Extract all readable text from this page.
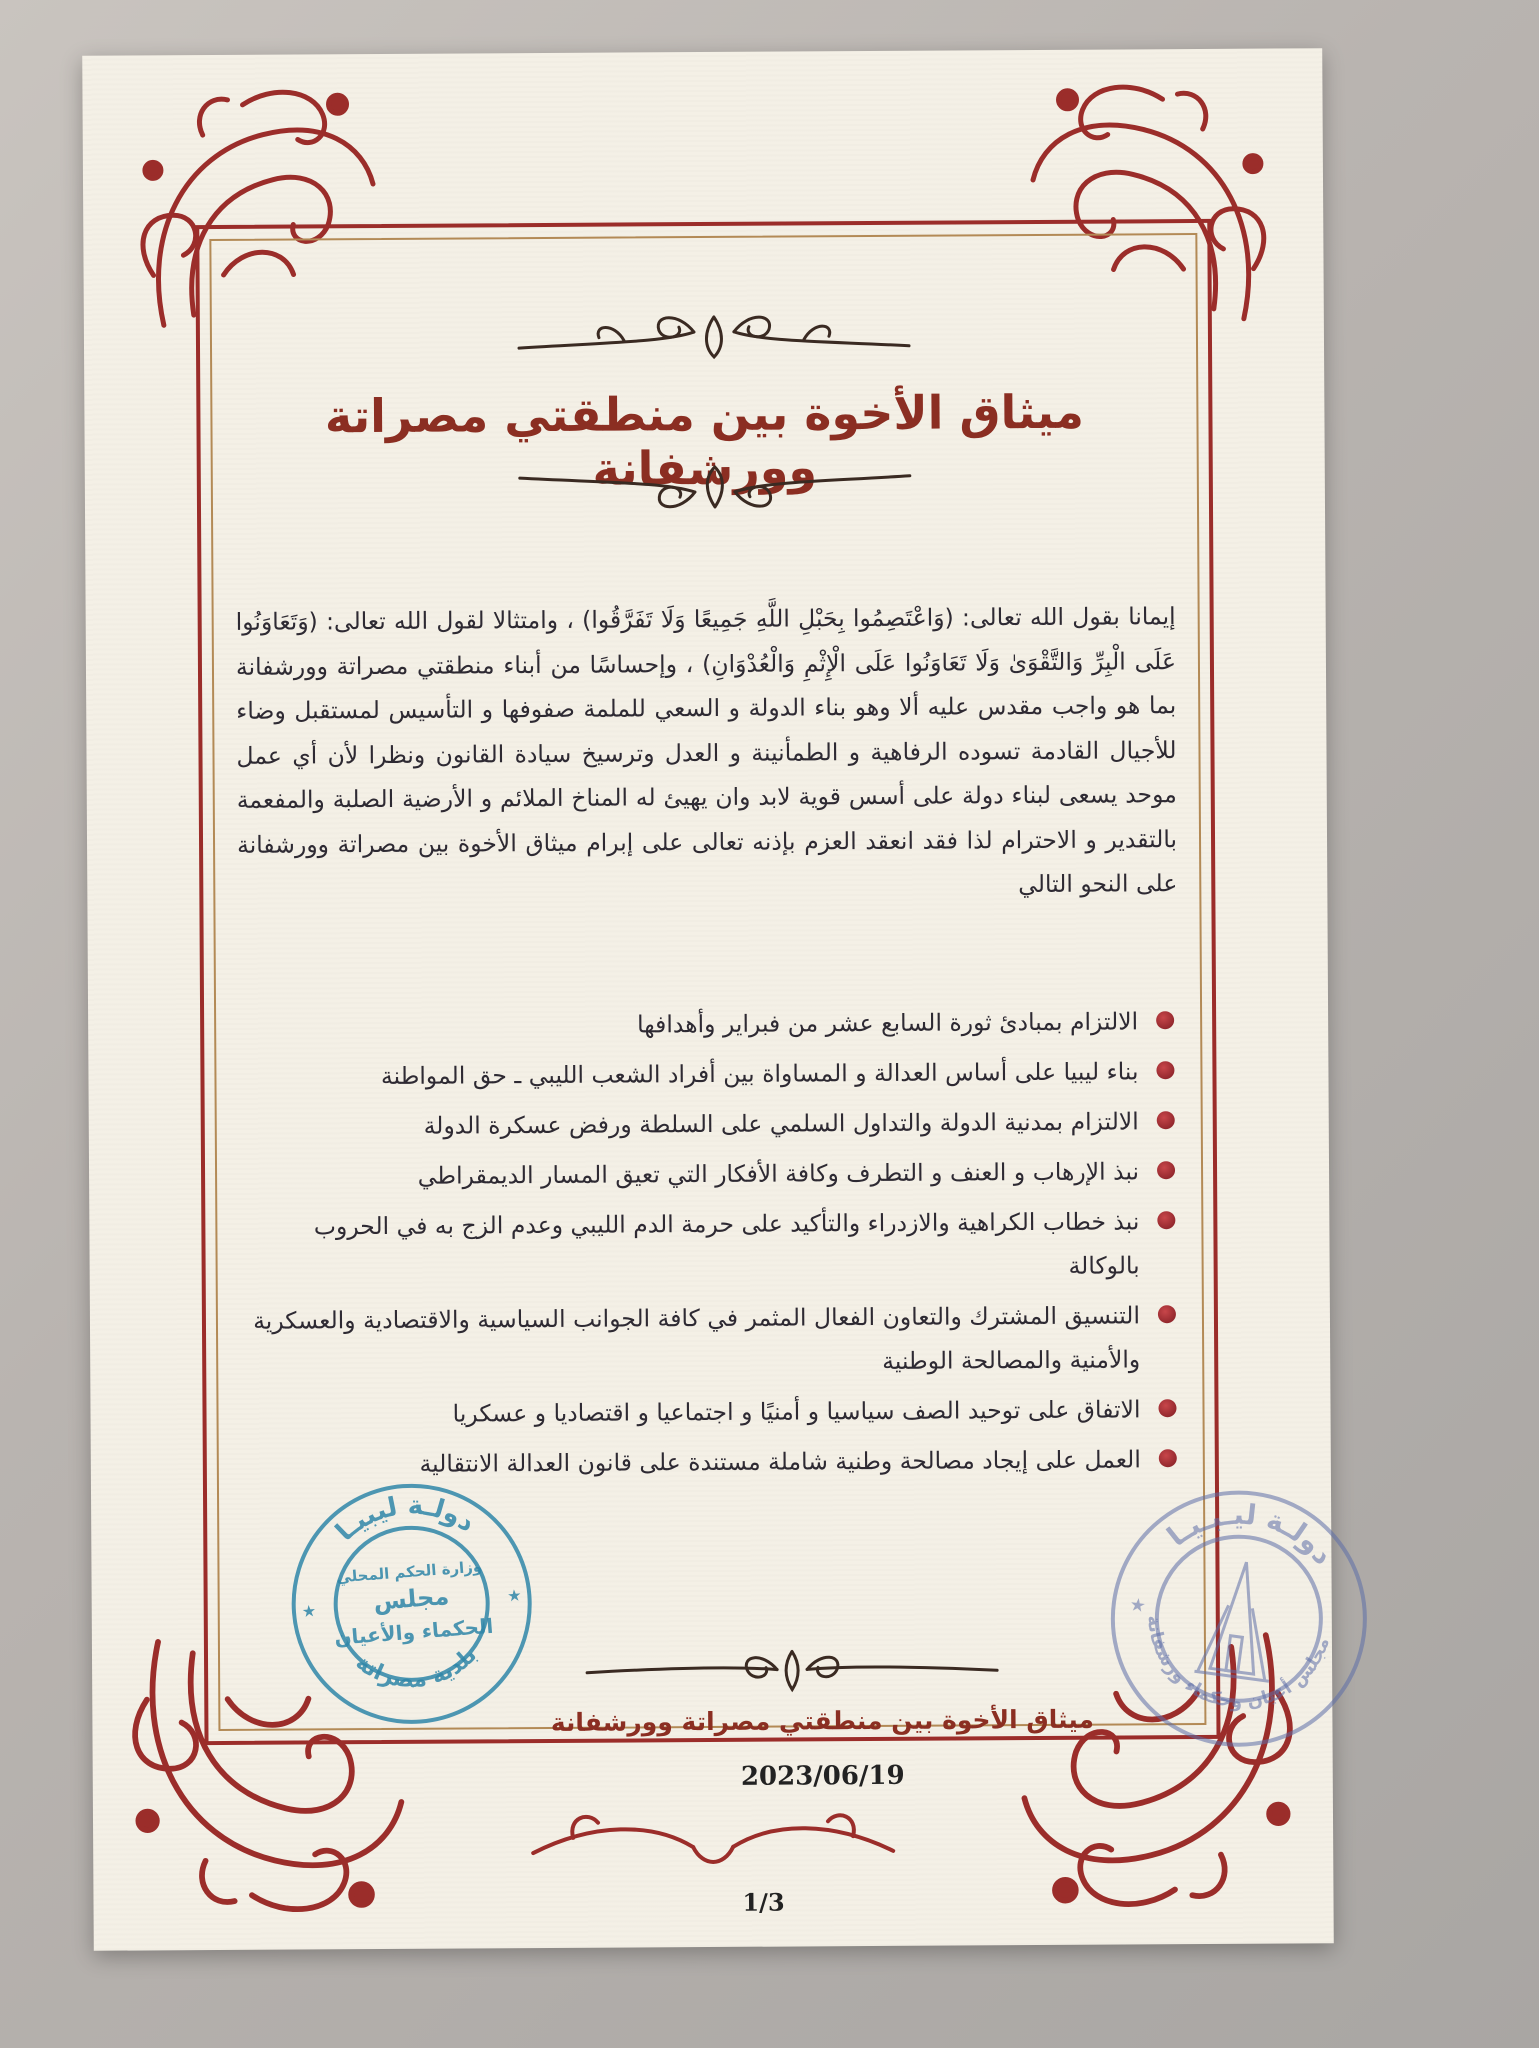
ميثاق الأخوة بين منطقتي مصراتة وورشفانة
إيمانا بقول الله تعالى: (وَاعْتَصِمُوا بِحَبْلِ اللَّهِ جَمِيعًا وَلَا تَفَرَّقُوا) ، وامتثالا لقول الله تعالى: (وَتَعَاوَنُوا عَلَى الْبِرِّ وَالتَّقْوَىٰ وَلَا تَعَاوَنُوا عَلَى الْإِثْمِ وَالْعُدْوَانِ) ، وإحساسًا من أبناء منطقتي مصراتة وورشفانة بما هو واجب مقدس عليه ألا وهو بناء الدولة و السعي للملمة صفوفها و التأسيس لمستقبل وضاء للأجيال القادمة تسوده الرفاهية و الطمأنينة و العدل وترسيخ سيادة القانون ونظرا لأن أي عمل موحد يسعى لبناء دولة على أسس قوية لابد وان يهيئ له المناخ الملائم و الأرضية الصلبة والمفعمة بالتقدير و الاحترام لذا فقد انعقد العزم بإذنه تعالى على إبرام ميثاق الأخوة بين مصراتة وورشفانة على النحو التالي
الالتزام بمبادئ ثورة السابع عشر من فبراير وأهدافها
بناء ليبيا على أساس العدالة و المساواة بين أفراد الشعب الليبي ـ حق المواطنة
الالتزام بمدنية الدولة والتداول السلمي على السلطة ورفض عسكرة الدولة
نبذ الإرهاب و العنف و التطرف وكافة الأفكار التي تعيق المسار الديمقراطي
نبذ خطاب الكراهية والازدراء والتأكيد على حرمة الدم الليبي وعدم الزج به في الحروب بالوكالة
التنسيق المشترك والتعاون الفعال المثمر في كافة الجوانب السياسية والاقتصادية والعسكرية والأمنية والمصالحة الوطنية
الاتفاق على توحيد الصف سياسيا و أمنيًا و اجتماعيا و اقتصاديا و عسكريا
العمل على إيجاد مصالحة وطنية شاملة مستندة على قانون العدالة الانتقالية
دولـة ليبيـا
بلدية مصراتة
وزارة الحكم المحلي
مجلس
الحكماء والأعيان
★
★
دولـة ليـبـيـا
مجلس أعيان وحكماء ورشفانة
★
ميثاق الأخوة بين منطقتي مصراتة وورشفانة
2023/06/19
1/3
